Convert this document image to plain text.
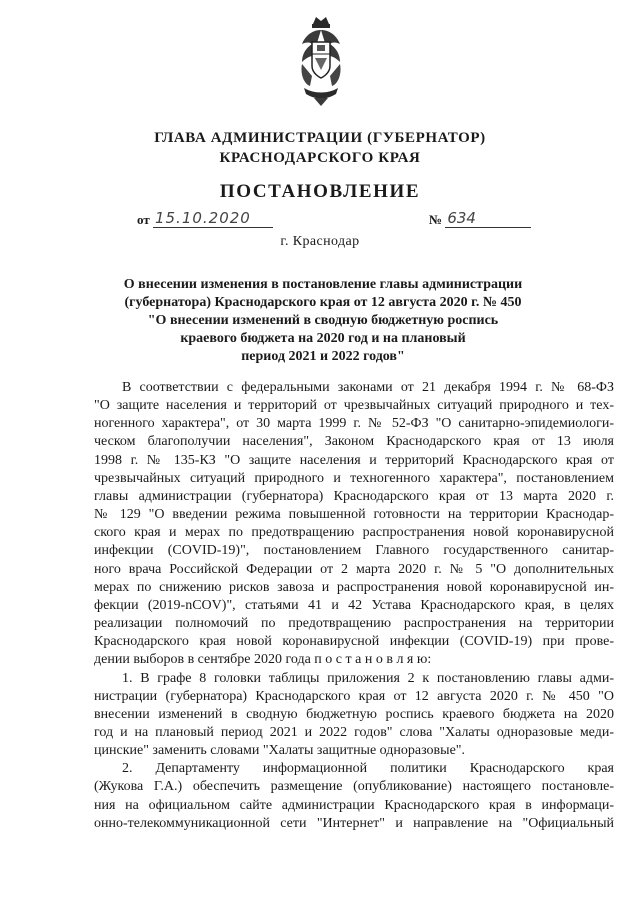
ГЛАВА АДМИНИСТРАЦИИ (ГУБЕРНАТОР)
КРАСНОДАРСКОГО КРАЯ
ПОСТАНОВЛЕНИЕ
от 15.10.2020	№ 634
г. Краснодар
О внесении изменения в постановление главы администрации
(губернатора) Краснодарского края от 12 августа 2020 г. № 450
"О внесении изменений в сводную бюджетную роспись
краевого бюджета на 2020 год и на плановый
период 2021 и 2022 годов"

В соответствии с федеральными законами от 21 декабря 1994 г. № 68-ФЗ
"О защите населения и территорий от чрезвычайных ситуаций природного и тех-
ногенного характера", от 30 марта 1999 г. № 52-ФЗ "О санитарно-эпидемиологи-
ческом благополучии населения", Законом Краснодарского края от 13 июля
1998 г. № 135-КЗ "О защите населения и территорий Краснодарского края от
чрезвычайных ситуаций природного и техногенного характера", постановлением
главы администрации (губернатора) Краснодарского края от 13 марта 2020 г.
№ 129 "О введении режима повышенной готовности на территории Краснодар-
ского края и мерах по предотвращению распространения новой коронавирусной
инфекции (COVID-19)", постановлением Главного государственного санитар-
ного врача Российской Федерации от 2 марта 2020 г. № 5 "О дополнительных
мерах по снижению рисков завоза и распространения новой коронавирусной ин-
фекции (2019-nCOV)", статьями 41 и 42 Устава Краснодарского края, в целях
реализации полномочий по предотвращению распространения на территории
Краснодарского края новой коронавирусной инфекции (COVID-19) при прове-
дении выборов в сентябре 2020 года п о с т а н о в л я ю:

1. В графе 8 головки таблицы приложения 2 к постановлению главы адми-
нистрации (губернатора) Краснодарского края от 12 августа 2020 г. № 450 "О
внесении изменений в сводную бюджетную роспись краевого бюджета на 2020
год и на плановый период 2021 и 2022 годов" слова "Халаты одноразовые меди-
цинские" заменить словами "Халаты защитные одноразовые".

2. Департаменту информационной политики Краснодарского края
(Жукова Г.А.) обеспечить размещение (опубликование) настоящего постановле-
ния на официальном сайте администрации Краснодарского края в информаци-
онно-телекоммуникационной сети "Интернет" и направление на "Официальный
